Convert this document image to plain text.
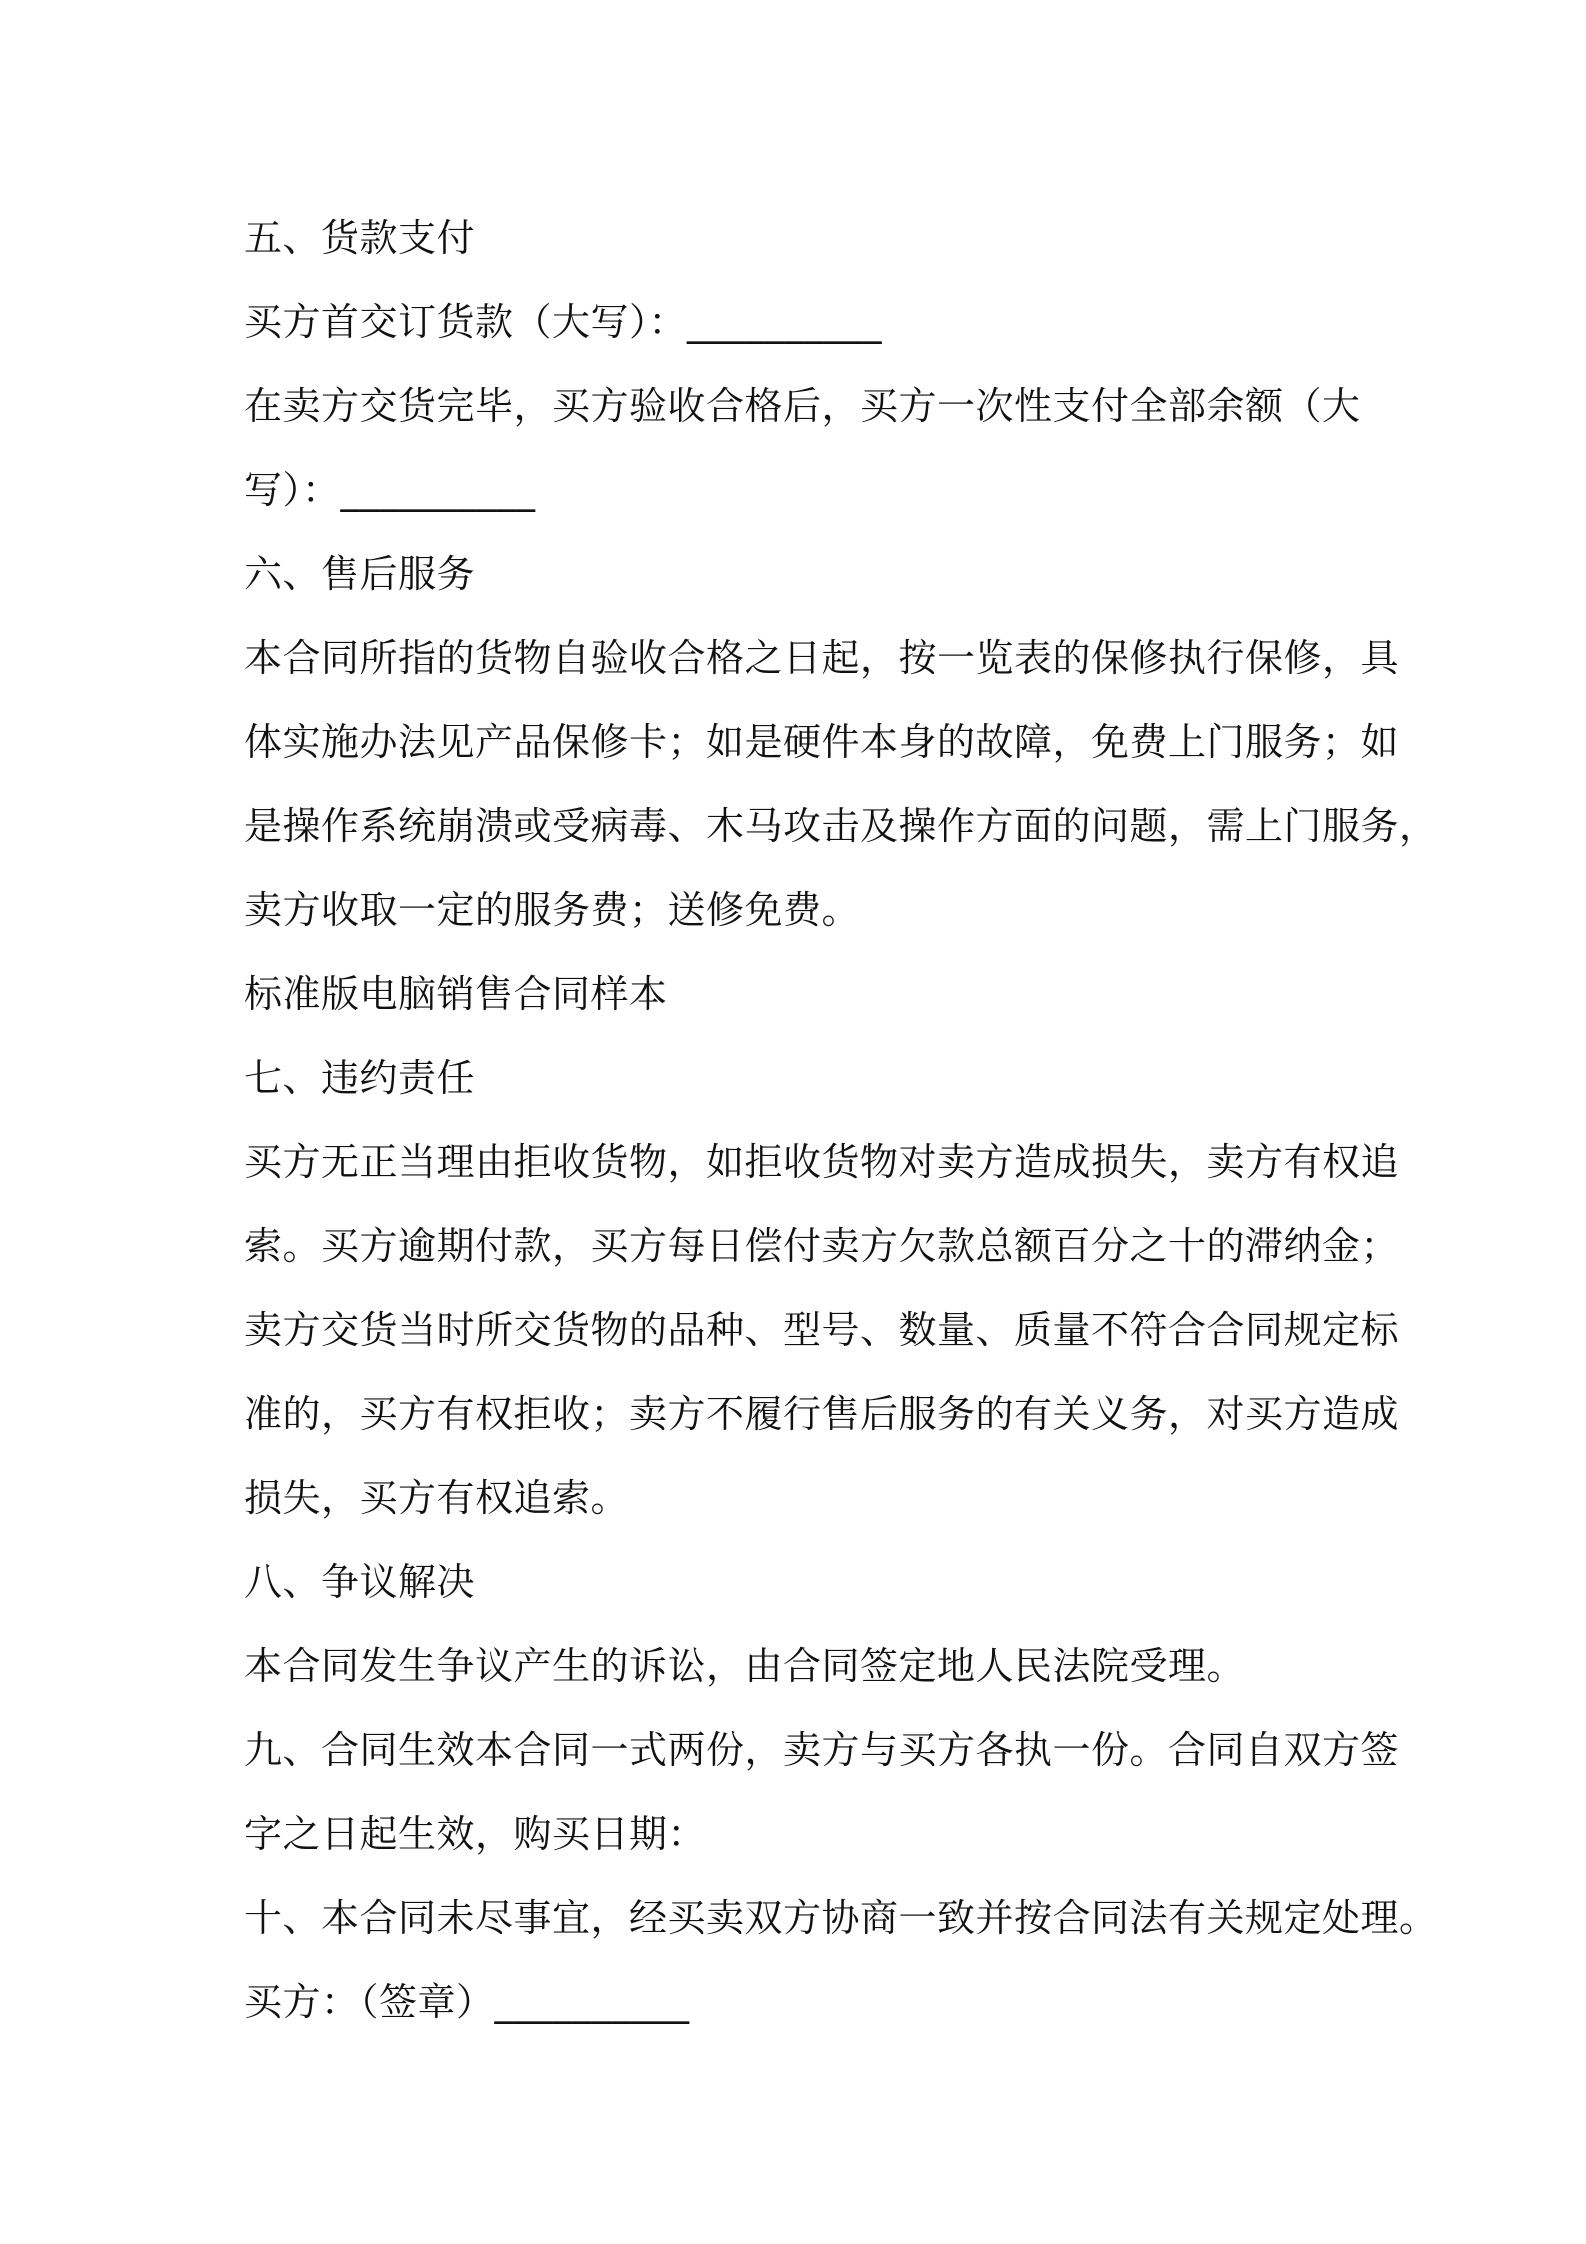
五、货款支付
买方首交订货款（大写）：__________
在卖方交货完毕，买方验收合格后，买方一次性支付全部余额（大
写）：__________
六、售后服务
本合同所指的货物自验收合格之日起，按一览表的保修执行保修，具
体实施办法见产品保修卡；如是硬件本身的故障，免费上门服务；如
是操作系统崩溃或受病毒、木马攻击及操作方面的问题，需上门服务，
卖方收取一定的服务费；送修免费。
标准版电脑销售合同样本
七、违约责任
买方无正当理由拒收货物，如拒收货物对卖方造成损失，卖方有权追
索。买方逾期付款，买方每日偿付卖方欠款总额百分之十的滞纳金；
卖方交货当时所交货物的品种、型号、数量、质量不符合合同规定标
准的，买方有权拒收；卖方不履行售后服务的有关义务，对买方造成
损失，买方有权追索。
八、争议解决
本合同发生争议产生的诉讼，由合同签定地人民法院受理。
九、合同生效本合同一式两份，卖方与买方各执一份。合同自双方签
字之日起生效，购买日期：
十、本合同未尽事宜，经买卖双方协商一致并按合同法有关规定处理。
买方：（签章）__________
